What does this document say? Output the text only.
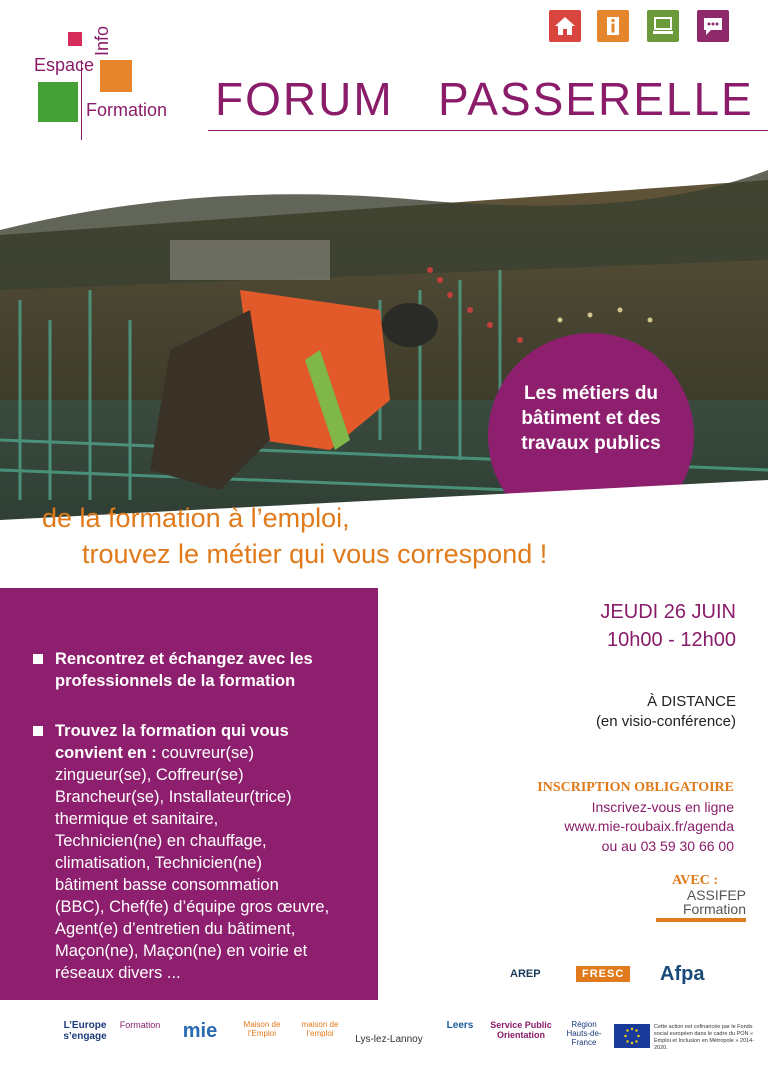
Espace
Info
Formation FORUM   PASSERELLE
Les métiers du
bâtiment et des
travaux publics
de la formation à l’emploi,
trouvez le métier qui vous correspond !
Rencontrez et échangez avec les
professionnels de la formation
Trouvez la formation qui vous
convient en : couvreur(se)
zingueur(se), Coffreur(se)
Brancheur(se), Installateur(trice)
thermique et sanitaire,
Technicien(ne) en chauffage,
climatisation, Technicien(ne)
bâtiment basse consommation
(BBC), Chef(fe) d’équipe gros œuvre,
Agent(e) d’entretien du bâtiment,
Maçon(ne), Maçon(ne) en voirie et
réseaux divers ...
JEUDI 26 JUIN
10h00 - 12h00
À DISTANCE
(en visio-conférence)
INSCRIPTION OBLIGATOIRE
Inscrivez-vous en ligne
www.mie-roubaix.fr/agenda
ou au 03 59 30 66 00
AVEC :
ASSIFEP
Formation
AREP	FRESC	Afpa
L’Europe s’engage
Formation	mie	Maison de l’Emploi
maison de l’emploi
Lys-lez-Lannoy
Leers	Service Public Orientation
Région Hauts-de-France
Cette action est cofinancée par le Fonds social européen dans le cadre du PON « Emploi et Inclusion en Métropole » 2014-2020.
